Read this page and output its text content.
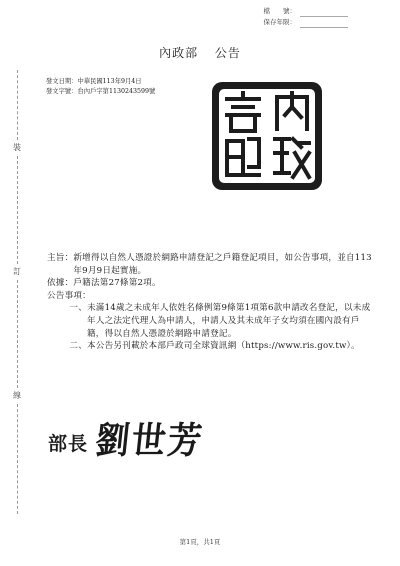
檔　　號：
保存年限：
內政部 公告
發文日期：中華民國113年9月4日
發文字號：台內戶字第1130243599號
裝
訂
線
主旨： 新增得以自然人憑證於網路申請登記之戶籍登記項目，如公告事項，並自113年9月9日起實施。
依據： 戶籍法第27條第2項。
公告事項：
一、 未滿14歲之未成年人依姓名條例第9條第1項第6款申請改名登記，以未成年人之法定代理人為申請人，申請人及其未成年子女均須在國內設有戶籍，得以自然人憑證於網路申請登記。
二、 本公告另刊載於本部戶政司全球資訊網（https://www.ris.gov.tw）。
部長 劉世芳
第1頁，共1頁
